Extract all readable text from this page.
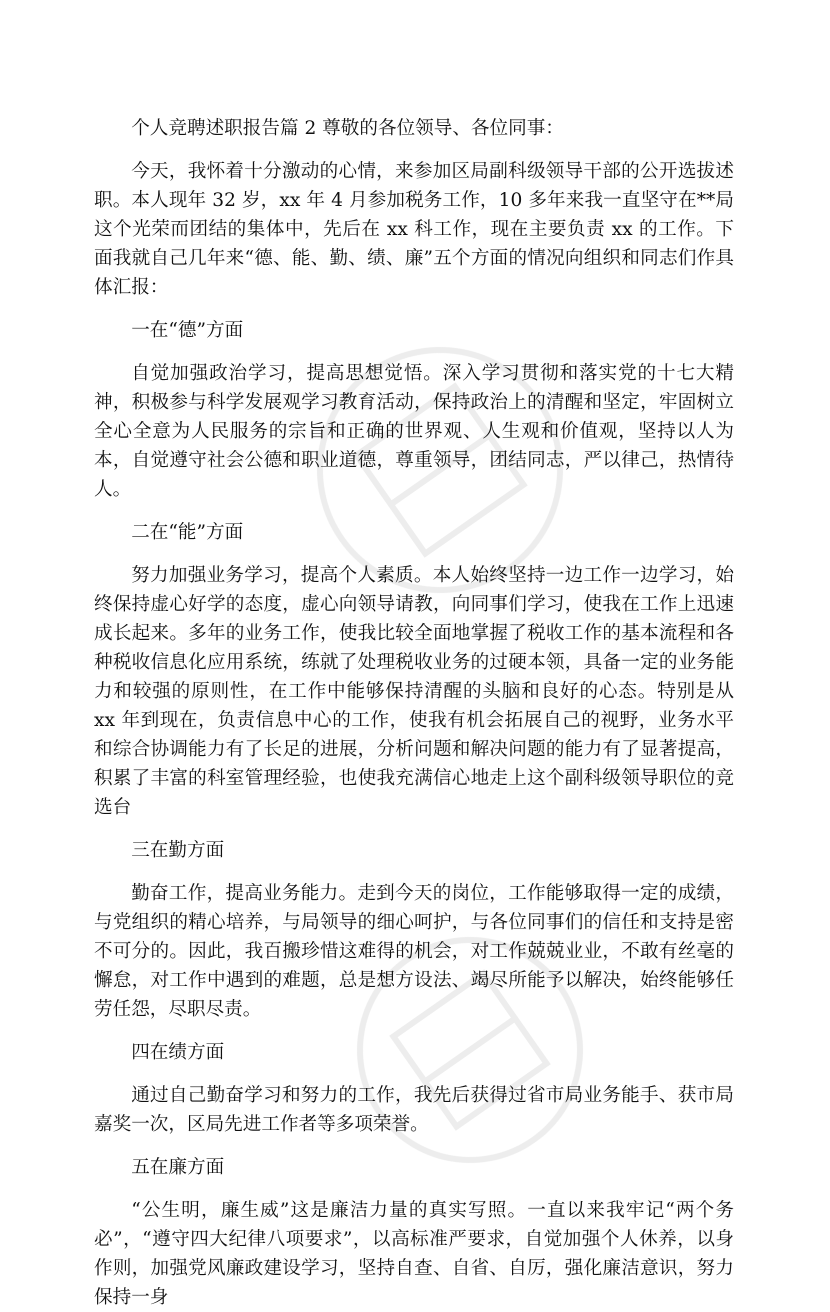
个人竞聘述职报告篇 2 尊敬的各位领导、各位同事：

今天，我怀着十分激动的心情，来参加区局副科级领导干部的公开选拔述职。本人现年 32 岁，xx 年 4 月参加税务工作，10 多年来我一直坚守在**局这个光荣而团结的集体中，先后在 xx 科工作，现在主要负责 xx 的工作。下面我就自己几年来“德、能、勤、绩、廉”五个方面的情况向组织和同志们作具体汇报：

一在“德”方面

自觉加强政治学习，提高思想觉悟。深入学习贯彻和落实党的十七大精神，积极参与科学发展观学习教育活动，保持政治上的清醒和坚定，牢固树立全心全意为人民服务的宗旨和正确的世界观、人生观和价值观，坚持以人为本，自觉遵守社会公德和职业道德，尊重领导，团结同志，严以律己，热情待人。

二在“能”方面

努力加强业务学习，提高个人素质。本人始终坚持一边工作一边学习，始终保持虚心好学的态度，虚心向领导请教，向同事们学习，使我在工作上迅速成长起来。多年的业务工作，使我比较全面地掌握了税收工作的基本流程和各种税收信息化应用系统，练就了处理税收业务的过硬本领，具备一定的业务能力和较强的原则性，在工作中能够保持清醒的头脑和良好的心态。特别是从 xx 年到现在，负责信息中心的工作，使我有机会拓展自己的视野，业务水平和综合协调能力有了长足的进展，分析问题和解决问题的能力有了显著提高，积累了丰富的科室管理经验，也使我充满信心地走上这个副科级领导职位的竞选台

三在勤方面

勤奋工作，提高业务能力。走到今天的岗位，工作能够取得一定的成绩，与党组织的精心培养，与局领导的细心呵护，与各位同事们的信任和支持是密不可分的。因此，我百搬珍惜这难得的机会，对工作兢兢业业，不敢有丝毫的懈怠，对工作中遇到的难题，总是想方设法、竭尽所能予以解决，始终能够任劳任怨，尽职尽责。

四在绩方面

通过自己勤奋学习和努力的工作，我先后获得过省市局业务能手、获市局嘉奖一次，区局先进工作者等多项荣誉。

五在廉方面

“公生明，廉生威”这是廉洁力量的真实写照。一直以来我牢记“两个务必”，“遵守四大纪律八项要求”，以高标准严要求，自觉加强个人休养，以身作则，加强党风廉政建设学习，坚持自查、自省、自厉，强化廉洁意识，努力保持一身
